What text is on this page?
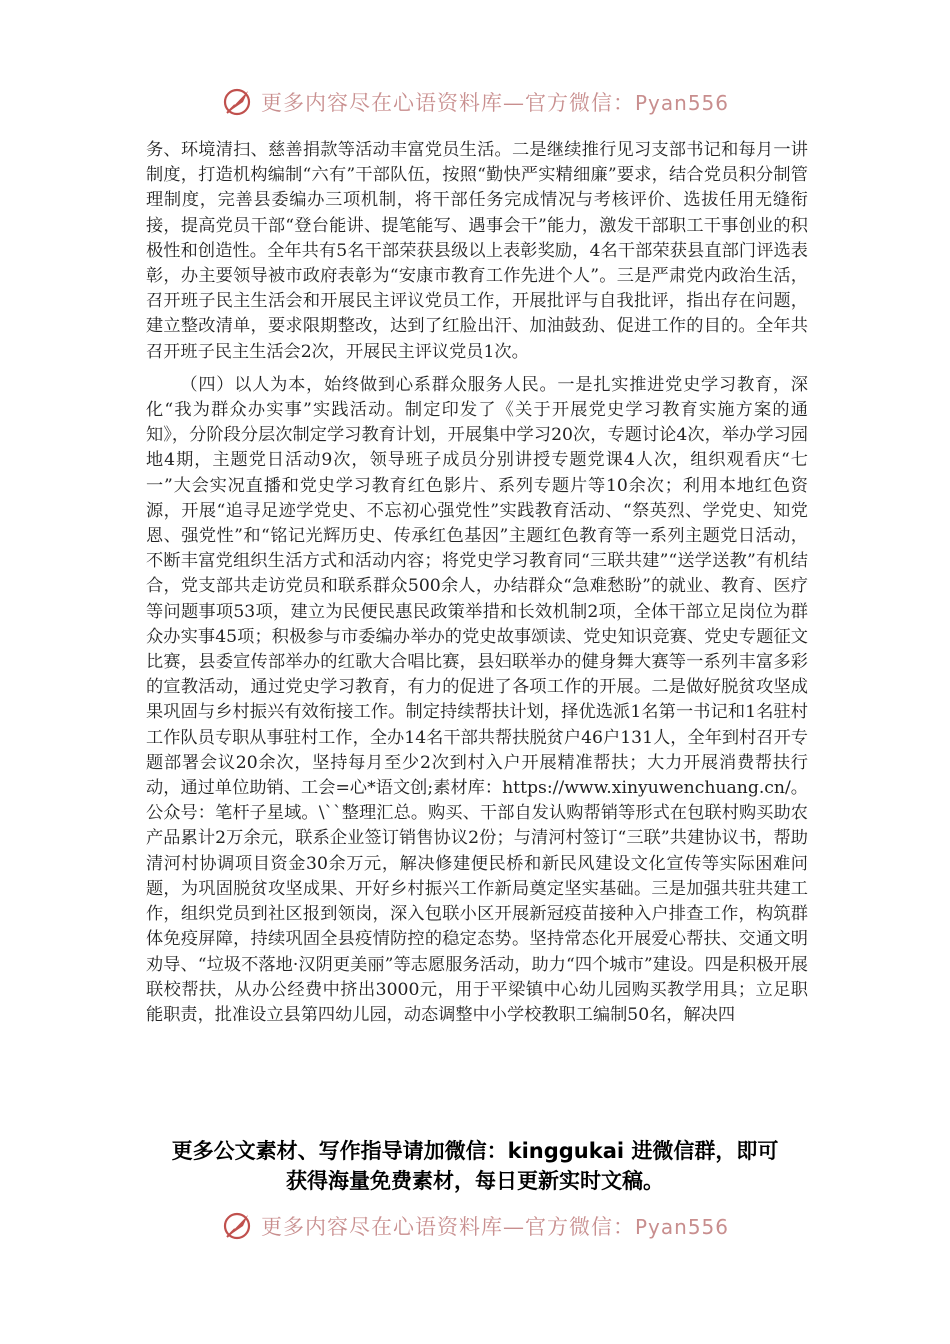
更多内容尽在心语资料库—官方微信：Pyan556

务、环境清扫、慈善捐款等活动丰富党员生活。二是继续推行见习支部书记和每月一讲制度，打造机构编制“六有”干部队伍，按照“勤快严实精细廉”要求，结合党员积分制管理制度，完善县委编办三项机制，将干部任务完成情况与考核评价、选拔任用无缝衔接，提高党员干部“登台能讲、提笔能写、遇事会干”能力，激发干部职工干事创业的积极性和创造性。全年共有5名干部荣获县级以上表彰奖励，4名干部荣获县直部门评选表彰，办主要领导被市政府表彰为“安康市教育工作先进个人”。三是严肃党内政治生活，召开班子民主生活会和开展民主评议党员工作，开展批评与自我批评，指出存在问题，建立整改清单，要求限期整改，达到了红脸出汗、加油鼓劲、促进工作的目的。全年共召开班子民主生活会2次，开展民主评议党员1次。

（四）以人为本，始终做到心系群众服务人民。一是扎实推进党史学习教育，深化“我为群众办实事”实践活动。制定印发了《关于开展党史学习教育实施方案的通知》，分阶段分层次制定学习教育计划，开展集中学习20次，专题讨论4次，举办学习园地4期，主题党日活动9次，领导班子成员分别讲授专题党课4人次，组织观看庆“七一”大会实况直播和党史学习教育红色影片、系列专题片等10余次；利用本地红色资源，开展“追寻足迹学党史、不忘初心强党性”实践教育活动、“祭英烈、学党史、知党恩、强党性”和“铭记光辉历史、传承红色基因”主题红色教育等一系列主题党日活动，不断丰富党组织生活方式和活动内容；将党史学习教育同“三联共建”“送学送教”有机结合，党支部共走访党员和联系群众500余人，办结群众“急难愁盼”的就业、教育、医疗等问题事项53项，建立为民便民惠民政策举措和长效机制2项，全体干部立足岗位为群众办实事45项；积极参与市委编办举办的党史故事颂读、党史知识竞赛、党史专题征文比赛，县委宣传部举办的红歌大合唱比赛，县妇联举办的健身舞大赛等一系列丰富多彩的宣教活动，通过党史学习教育，有力的促进了各项工作的开展。二是做好脱贫攻坚成果巩固与乡村振兴有效衔接工作。制定持续帮扶计划，择优选派1名第一书记和1名驻村工作队员专职从事驻村工作，全办14名干部共帮扶脱贫户46户131人，全年到村召开专题部署会议20余次，坚持每月至少2次到村入户开展精准帮扶；大力开展消费帮扶行动，通过单位助销、工会=心*语文创;素材库：https://www.xinyuwenchuang.cn/。公众号：笔杆子星域。\``整理汇总。购买、干部自发认购帮销等形式在包联村购买助农产品累计2万余元，联系企业签订销售协议2份；与清河村签订“三联”共建协议书，帮助清河村协调项目资金30余万元，解决修建便民桥和新民风建设文化宣传等实际困难问题，为巩固脱贫攻坚成果、开好乡村振兴工作新局奠定坚实基础。三是加强共驻共建工作，组织党员到社区报到领岗，深入包联小区开展新冠疫苗接种入户排查工作，构筑群体免疫屏障，持续巩固全县疫情防控的稳定态势。坚持常态化开展爱心帮扶、交通文明劝导、“垃圾不落地·汉阴更美丽”等志愿服务活动，助力“四个城市”建设。四是积极开展联校帮扶，从办公经费中挤出3000元，用于平梁镇中心幼儿园购买教学用具；立足职能职责，批准设立县第四幼儿园，动态调整中小学校教职工编制50名，解决四

更多公文素材、写作指导请加微信：kinggukai 进微信群，即可
获得海量免费素材，每日更新实时文稿。
更多内容尽在心语资料库—官方微信：Pyan556
